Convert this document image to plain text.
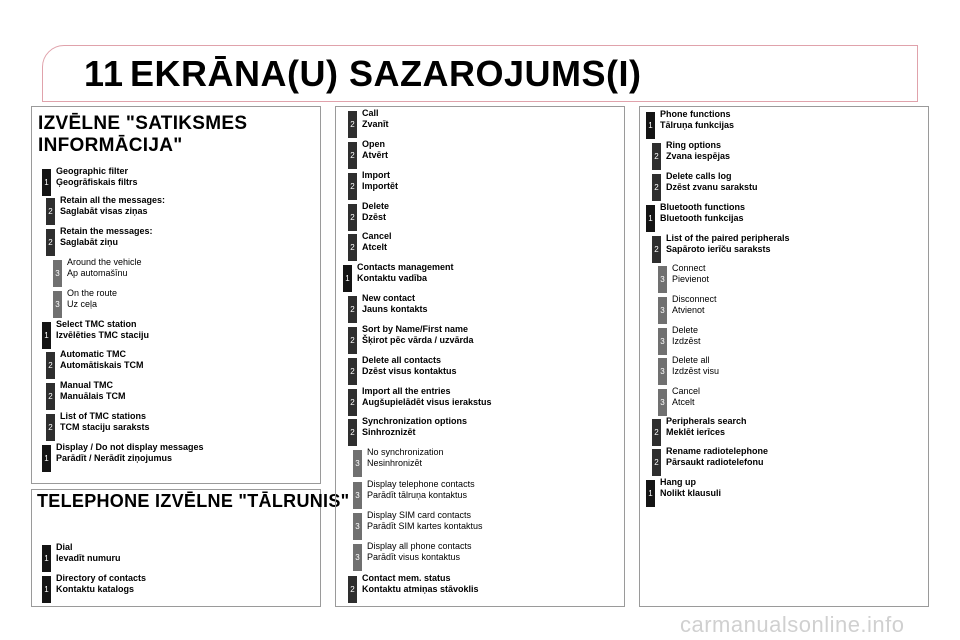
11 EKRĀNA(U) SAZAROJUMS(I)
IZVĒLNE "SATIKSMES
INFORMĀCIJA"
1
Geographic filter
Ģeogrāfiskais filtrs
2
Retain all the messages:
Saglabāt visas ziņas
2
Retain the messages:
Saglabāt ziņu
3
Around the vehicle
Ap automašīnu
3
On the route
Uz ceļa
1
Select TMC station
Izvēlēties TMC staciju
2
Automatic TMC
Automātiskais TCM
2
Manual TMC
Manuālais TCM
2
List of TMC stations
TCM staciju saraksts
1
Display / Do not display messages
Parādīt / Nerādīt ziņojumus
TELEPHONE IZVĒLNE "TĀLRUNIS"
1
Dial
Ievadīt numuru
1
Directory of contacts
Kontaktu katalogs
2
Call
Zvanīt
2
Open
Atvērt
2
Import
Importēt
2
Delete
Dzēst
2
Cancel
Atcelt
1
Contacts management
Kontaktu vadība
2
New contact
Jauns kontakts
2
Sort by Name/First name
Šķirot pēc vārda / uzvārda
2
Delete all contacts
Dzēst visus kontaktus
2
Import all the entries
Augšupielādēt visus ierakstus
2
Synchronization options
Sinhroznizēt
3
No synchronization
Nesinhronizēt
3
Display telephone contacts
Parādīt tālruņa kontaktus
3
Display SIM card contacts
Parādīt SIM kartes kontaktus
3
Display all phone contacts
Parādīt visus kontaktus
2
Contact mem. status
Kontaktu atmiņas stāvoklis
1
Phone functions
Tālruņa funkcijas
2
Ring options
Zvana iespējas
2
Delete calls log
Dzēst zvanu sarakstu
1
Bluetooth functions
Bluetooth funkcijas
2
List of the paired peripherals
Sapāroto ierīču saraksts
3
Connect
Pievienot
3
Disconnect
Atvienot
3
Delete
Izdzēst
3
Delete all
Izdzēst visu
3
Cancel
Atcelt
2
Peripherals search
Meklēt ierīces
2
Rename radiotelephone
Pārsaukt radiotelefonu
1
Hang up
Nolikt klausuli
carmanualsonline.info
